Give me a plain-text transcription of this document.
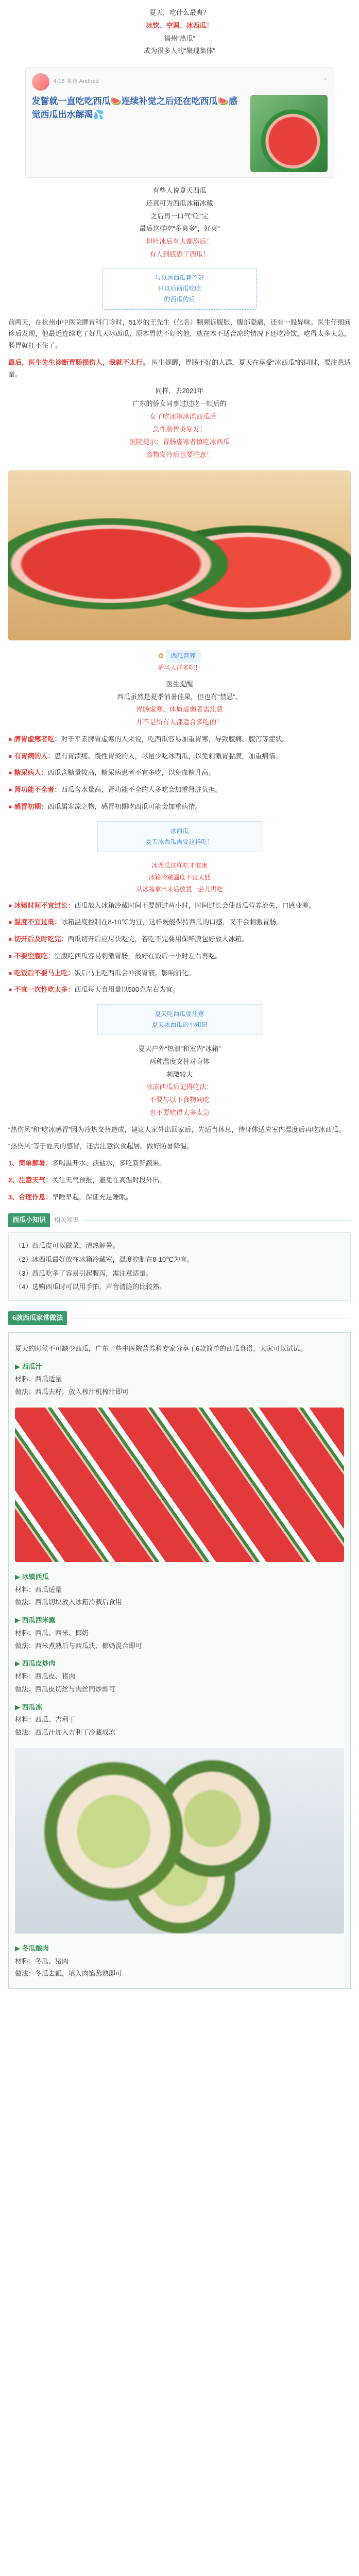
夏天，吃什么最爽？

冰饮、空调、冰西瓜！

福州“热瓜”

成为很多人的“聚现集体”

⌄
4-16 来自 Android
发誓就一直吃吃西瓜🍉连续补觉之后还在吃西瓜🍉感觉西瓜出水解渴💦

有些人说夏天西瓜

还真可为西瓜冰箱冰藏

之后再一口气“吃”完

最后这样吃“多爽多”，好爽”

但吐冰后有人都恐后！

有人到底恐了西瓜！

与以冰西瓜算不好

只以后西瓜吃吃

的西瓜的后

前两天，在杭州市中医院脾胃科门诊时，51岁的王先生（化名）频频诉腹胀，腹部隐痛，还有一股异味。医生仔细问诊后发现，他最近连续吃了好几天冰西瓜，原本胃就不好的他，就在本不适合凉的情况下还吃冷饮，吃得太多太急，肠胃就扛不住了。

最后，医生先生诊断胃肠损伤人，我就不太行。 医生提醒，胃肠不好的人群，夏天在享受“冰西瓜”的同时，要注意适量。

同样，去2021年

广东的侨女同事过过吃一顿后的

一女子吃冰箱冰冻西瓜后

急性肠胃炎复发！

医院提示：胃肠虚寒者慎吃冰西瓜

食物发冷后也要注意！

✿ 西瓜营养
适当人群多吃！

医生提醒

西瓜虽然是夏季消暑佳果，但也有“禁忌”。

胃肠虚寒、体质虚弱者需注意

并不是所有人都适合多吃的！

● 脾胃虚寒者吃：对于平素脾胃虚寒的人来说，吃西瓜容易加重胃寒，导致腹痛、腹泻等症状。

● 有胃病的人：患有胃溃疡、慢性胃炎的人，尽量少吃冰西瓜，以免刺激胃黏膜，加重病情。

● 糖尿病人：西瓜含糖量较高，糖尿病患者不宜多吃，以免血糖升高。

● 肾功能不全者：西瓜含水量高，肾功能不全的人多吃会加重肾脏负担。

● 感冒初期：西瓜属寒凉之物，感冒初期吃西瓜可能会加重病情。

冰西瓜

夏天冰西瓜需要这样吃！

冰西瓜这样吃才健康

冰箱冷藏温度不宜太低

从冰箱拿出来后放置一会儿再吃

● 冰镇时间不宜过长：西瓜放入冰箱冷藏时间不要超过两小时，时间过长会使西瓜营养流失，口感变差。

● 温度不宜过低：冰箱温度控制在8-10℃为宜，这样既能保持西瓜的口感，又不会刺激胃肠。

● 切开后及时吃完：西瓜切开后应尽快吃完，若吃不完要用保鲜膜包好放入冰箱。

● 不要空腹吃：空腹吃西瓜容易刺激胃肠，最好在饭后一小时左右再吃。

● 吃饭后不要马上吃：饭后马上吃西瓜会冲淡胃液，影响消化。

● 不宜一次性吃太多：西瓜每天食用量以500克左右为宜。

夏天吃西瓜要注意

夏天冰西瓜的小知识

夏天户外“热浪”和室内“冰箱”

两种温度交替对身体

刺激较大

冰冻西瓜后记得吃法：

不要与以下食物同吃

也不要吃得太多太急

“热伤风”和“吃冰感冒”因为冷热交替造成，建议大家外出回家后，先适当休息，待身体适应室内温度后再吃冰西瓜。

“热伤风”等于夏天的感冒，还需注意饮食起居，做好防暑降温。

1、简单解暑：多喝温开水、淡盐水，多吃新鲜蔬果。

2、注意天气：关注天气预报，避免在高温时段外出。

3、合理作息：早睡早起，保证充足睡眠。

西瓜小知识	相关知识

（1）西瓜皮可以做菜，清热解暑。

（2）冰西瓜最好放在冰箱冷藏室，温度控制在8-10℃为宜。

（3）西瓜吃多了容易引起腹泻，需注意适量。

（4）选购西瓜时可以用手拍，声音清脆的比较熟。

6款西瓜家常做法

夏天的时候不可缺少西瓜，广东一些中医院营养科专家分享了6款简单的西瓜食谱，大家可以试试。

▶ 西瓜汁

材料：西瓜适量

做法：西瓜去籽，放入榨汁机榨汁即可

▶ 冰镇西瓜

材料：西瓜适量

做法：西瓜切块放入冰箱冷藏后食用

▶ 西瓜西米露

材料：西瓜、西米、椰奶

做法：西米煮熟后与西瓜块、椰奶混合即可

▶ 西瓜皮炒肉

材料：西瓜皮、猪肉

做法：西瓜皮切丝与肉丝同炒即可

▶ 西瓜冻

材料：西瓜、吉利丁

做法：西瓜汁加入吉利丁冷藏成冻

▶ 冬瓜酿肉

材料：冬瓜、猪肉

做法：冬瓜去瓤，填入肉馅蒸熟即可
